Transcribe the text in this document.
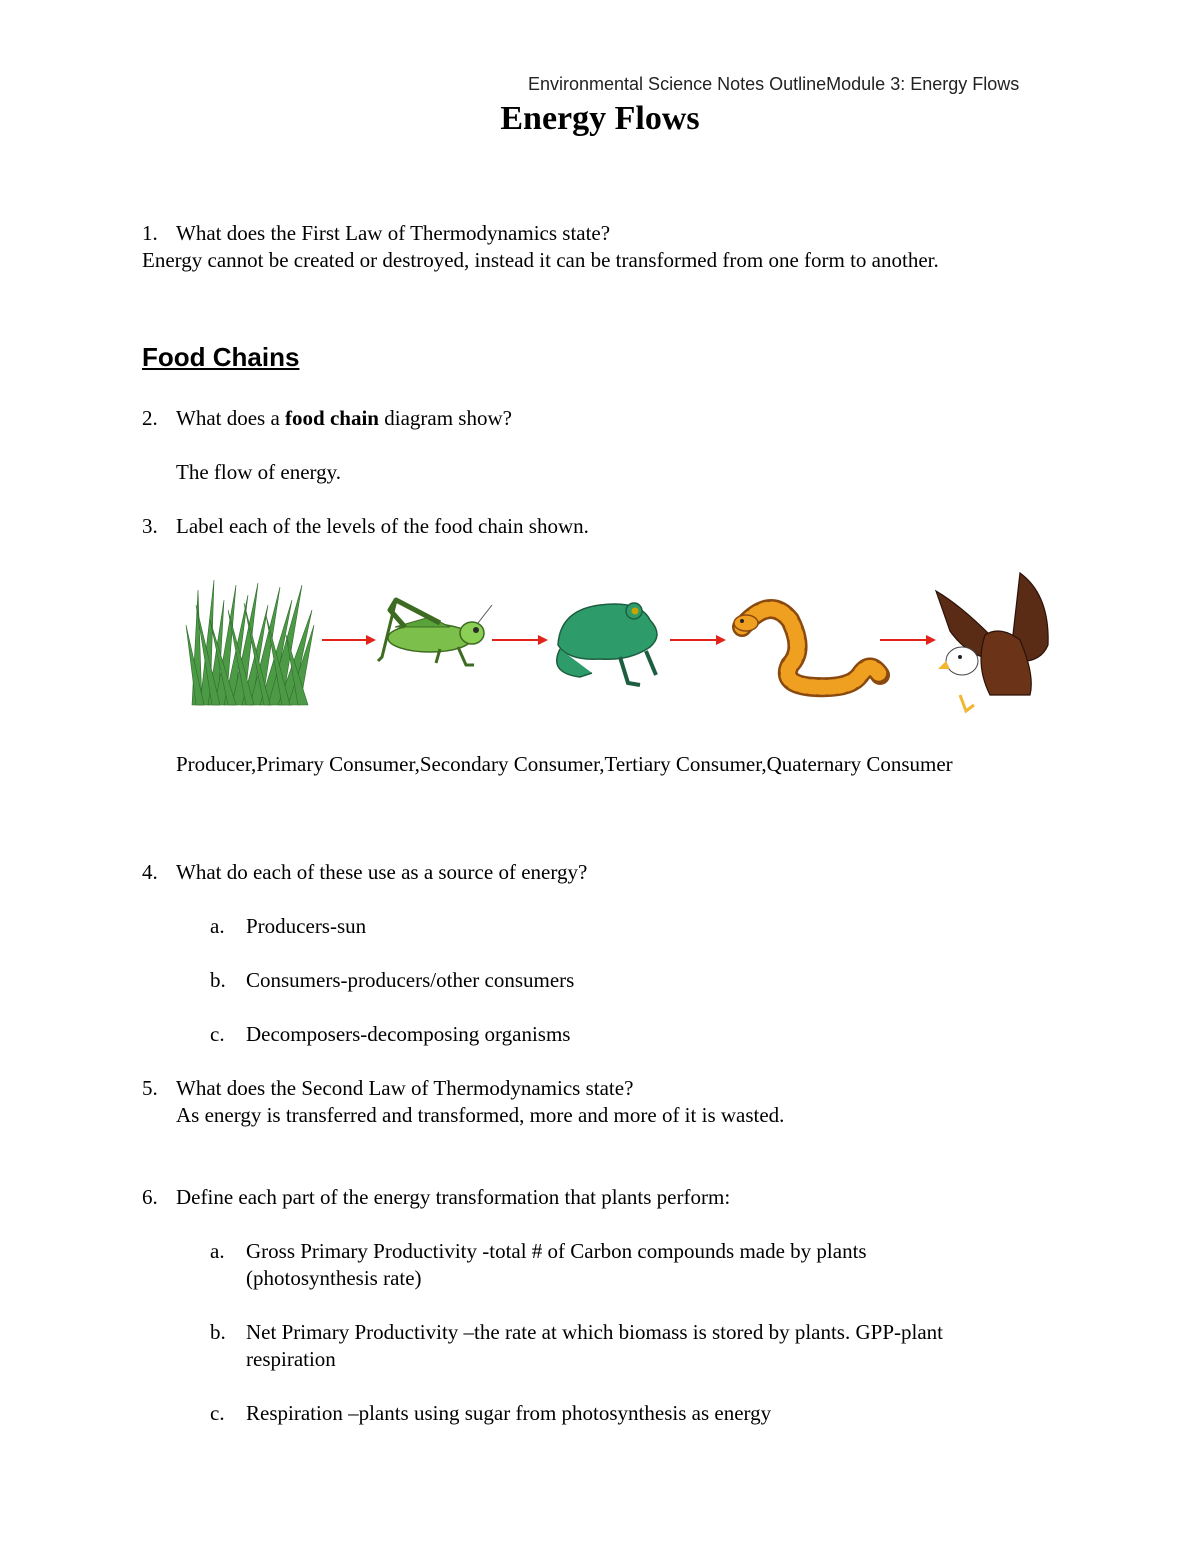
Environmental Science Notes OutlineModule 3: Energy Flows
Energy Flows
1. What does the First Law of Thermodynamics state?
Energy cannot be created or destroyed, instead it can be transformed from one form to another.
Food Chains
2. What does a food chain diagram show?
The flow of energy.
3. Label each of the levels of the food chain shown.
Producer,Primary Consumer,Secondary Consumer,Tertiary Consumer,Quaternary Consumer
4. What do each of these use as a source of energy?
a.	Producers-sun
b. Consumers-producers/other consumers
c.	Decomposers-decomposing organisms
5. What does the Second Law of Thermodynamics state?
As energy is transferred and transformed, more and more of it is wasted.
6. Define each part of the energy transformation that plants perform:
a.	Gross Primary Productivity -total # of Carbon compounds made by plants
(photosynthesis rate)
b. Net Primary Productivity –the rate at which biomass is stored by plants. GPP-plant
respiration
c.	Respiration –plants using sugar from photosynthesis as energy
